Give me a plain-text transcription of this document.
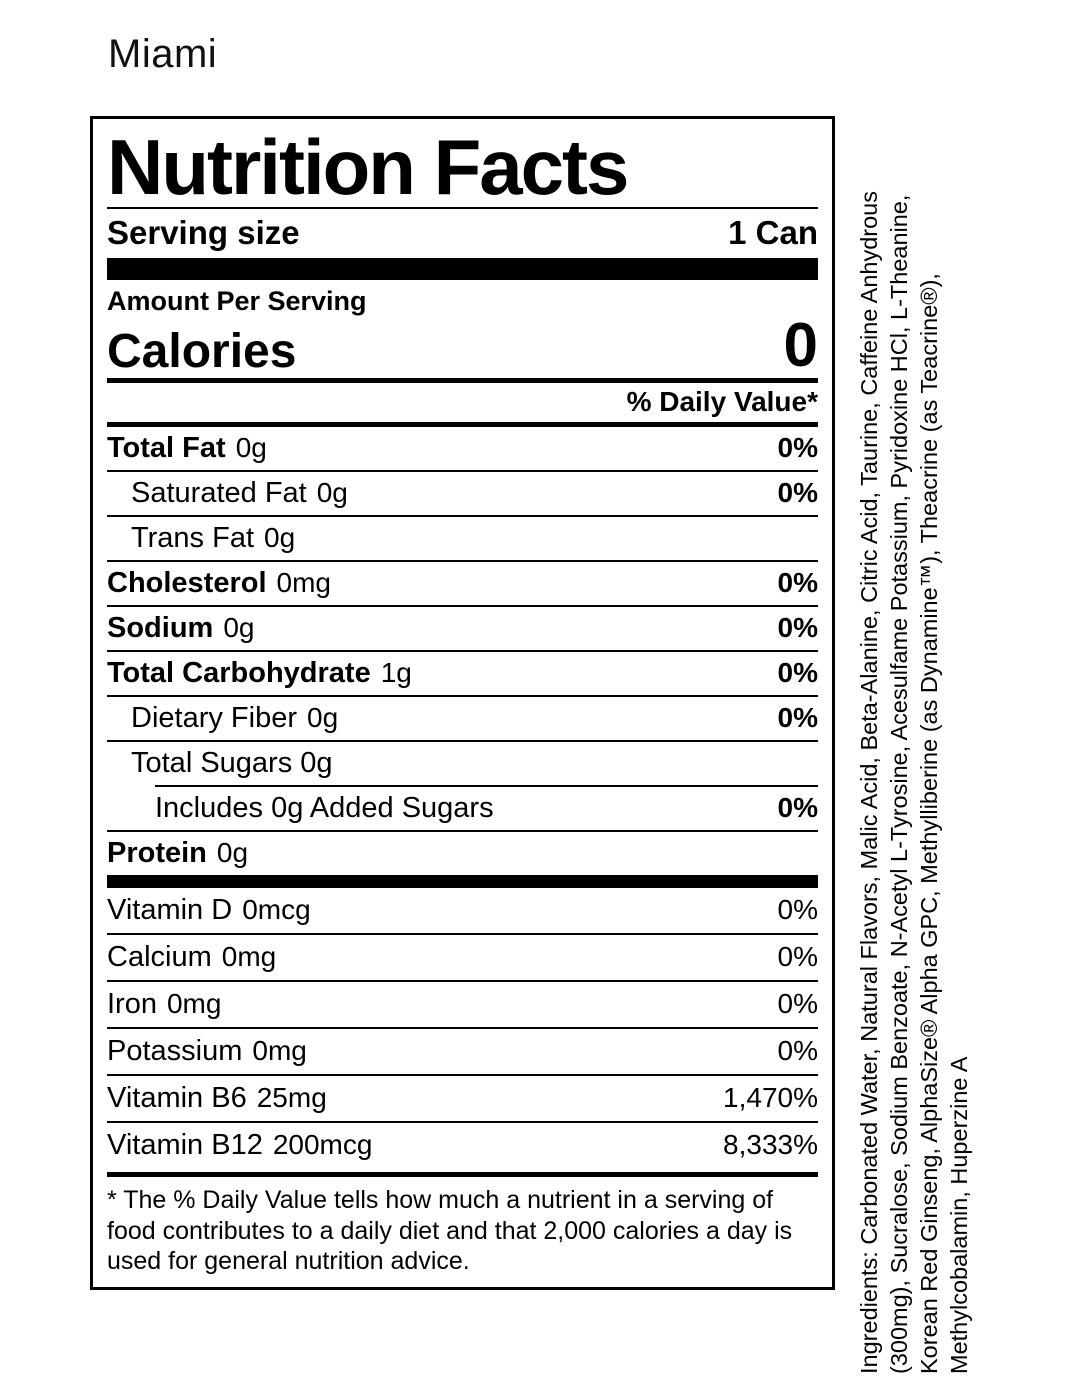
Miami
Nutrition Facts
Serving size	1 Can
Amount Per Serving
Calories	0
% Daily Value*
Total Fat 0g	0%
Saturated Fat 0g	0%
Trans Fat 0g
Cholesterol 0mg	0%
Sodium 0g	0%
Total Carbohydrate 1g	0%
Dietary Fiber 0g	0%
Total Sugars 0g
Includes 0g Added Sugars	0%
Protein 0g
Vitamin D 0mcg	0%
Calcium 0mg	0%
Iron 0mg	0%
Potassium 0mg	0%
Vitamin B6 25mg	1,470%
Vitamin B12 200mcg	8,333%
* The % Daily Value tells how much a nutrient in a serving of food contributes to a daily diet and that 2,000 calories a day is used for general nutrition advice.	Ingredients: Carbonated Water, Natural Flavors, Malic Acid, Beta-Alanine, Citric Acid, Taurine, Caffeine Anhydrous (300mg), Sucralose, Sodium Benzoate, N-Acetyl L-Tyrosine, Acesulfame Potassium, Pyridoxine HCl, L-Theanine, Korean Red Ginseng, AlphaSize® Alpha GPC, Methylliberine (as Dynamine™), Theacrine (as Teacrine®), Methylcobalamin, Huperzine A
